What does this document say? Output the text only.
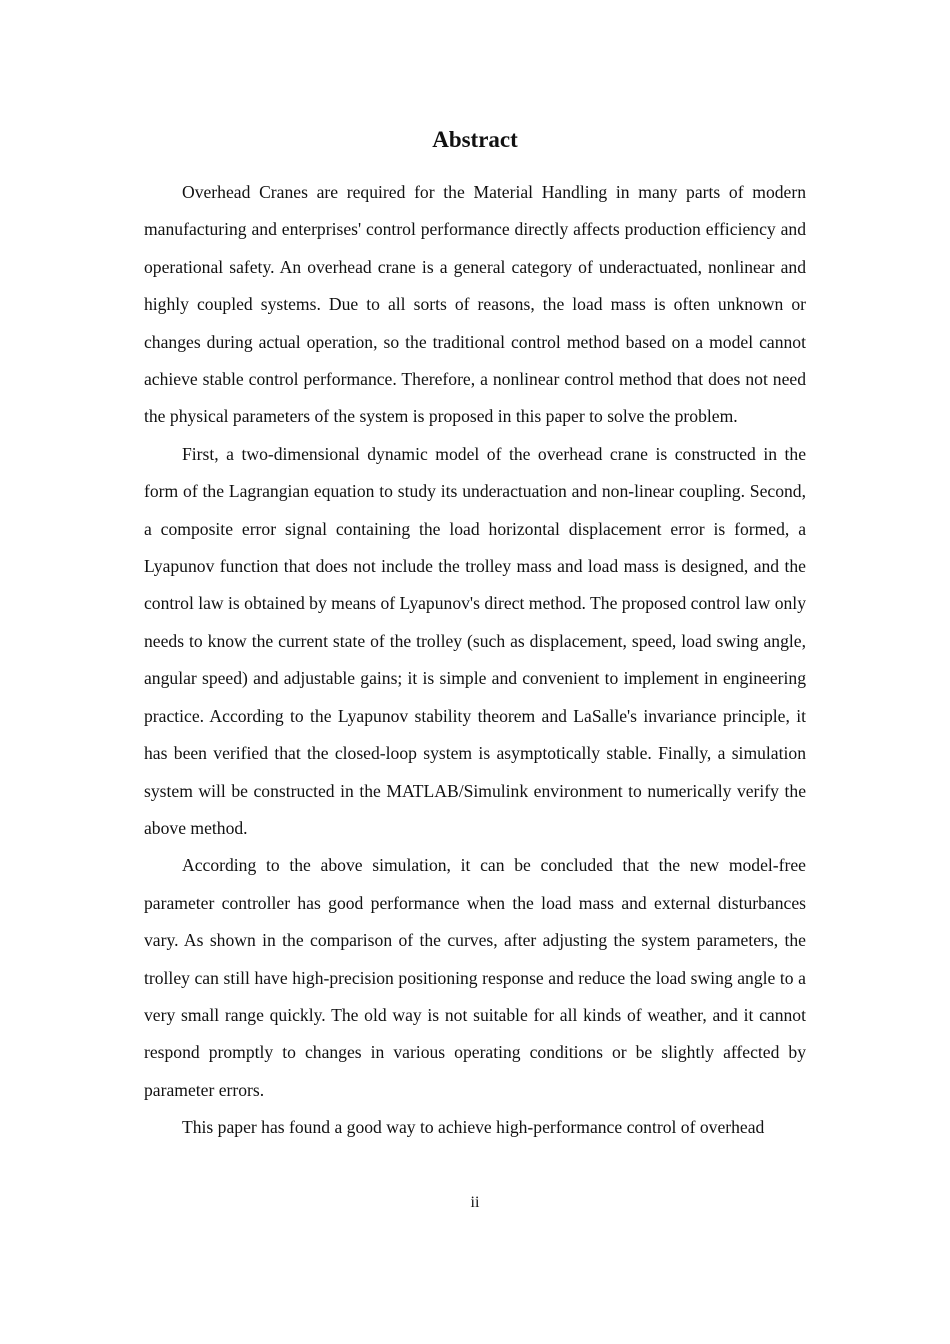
Abstract

Overhead Cranes are required for the Material Handling in many parts of modern manufacturing and enterprises' control performance directly affects production efficiency and operational safety. An overhead crane is a general category of underactuated, nonlinear and highly coupled systems. Due to all sorts of reasons, the load mass is often unknown or changes during actual operation, so the traditional control method based on a model cannot achieve stable control performance. Therefore, a nonlinear control method that does not need the physical parameters of the system is proposed in this paper to solve the problem.

First, a two-dimensional dynamic model of the overhead crane is constructed in the form of the Lagrangian equation to study its underactuation and non-linear coupling. Second, a composite error signal containing the load horizontal displacement error is formed, a Lyapunov function that does not include the trolley mass and load mass is designed, and the control law is obtained by means of Lyapunov's direct method. The proposed control law only needs to know the current state of the trolley (such as displacement, speed, load swing angle, angular speed) and adjustable gains; it is simple and convenient to implement in engineering practice. According to the Lyapunov stability theorem and LaSalle's invariance principle, it has been verified that the closed-loop system is asymptotically stable. Finally, a simulation system will be constructed in the MATLAB/Simulink environment to numerically verify the above method.

According to the above simulation, it can be concluded that the new model-free parameter controller has good performance when the load mass and external disturbances vary. As shown in the comparison of the curves, after adjusting the system parameters, the trolley can still have high-precision positioning response and reduce the load swing angle to a very small range quickly. The old way is not suitable for all kinds of weather, and it cannot respond promptly to changes in various operating conditions or be slightly affected by parameter errors.

This paper has found a good way to achieve high-performance control of overhead

ii
